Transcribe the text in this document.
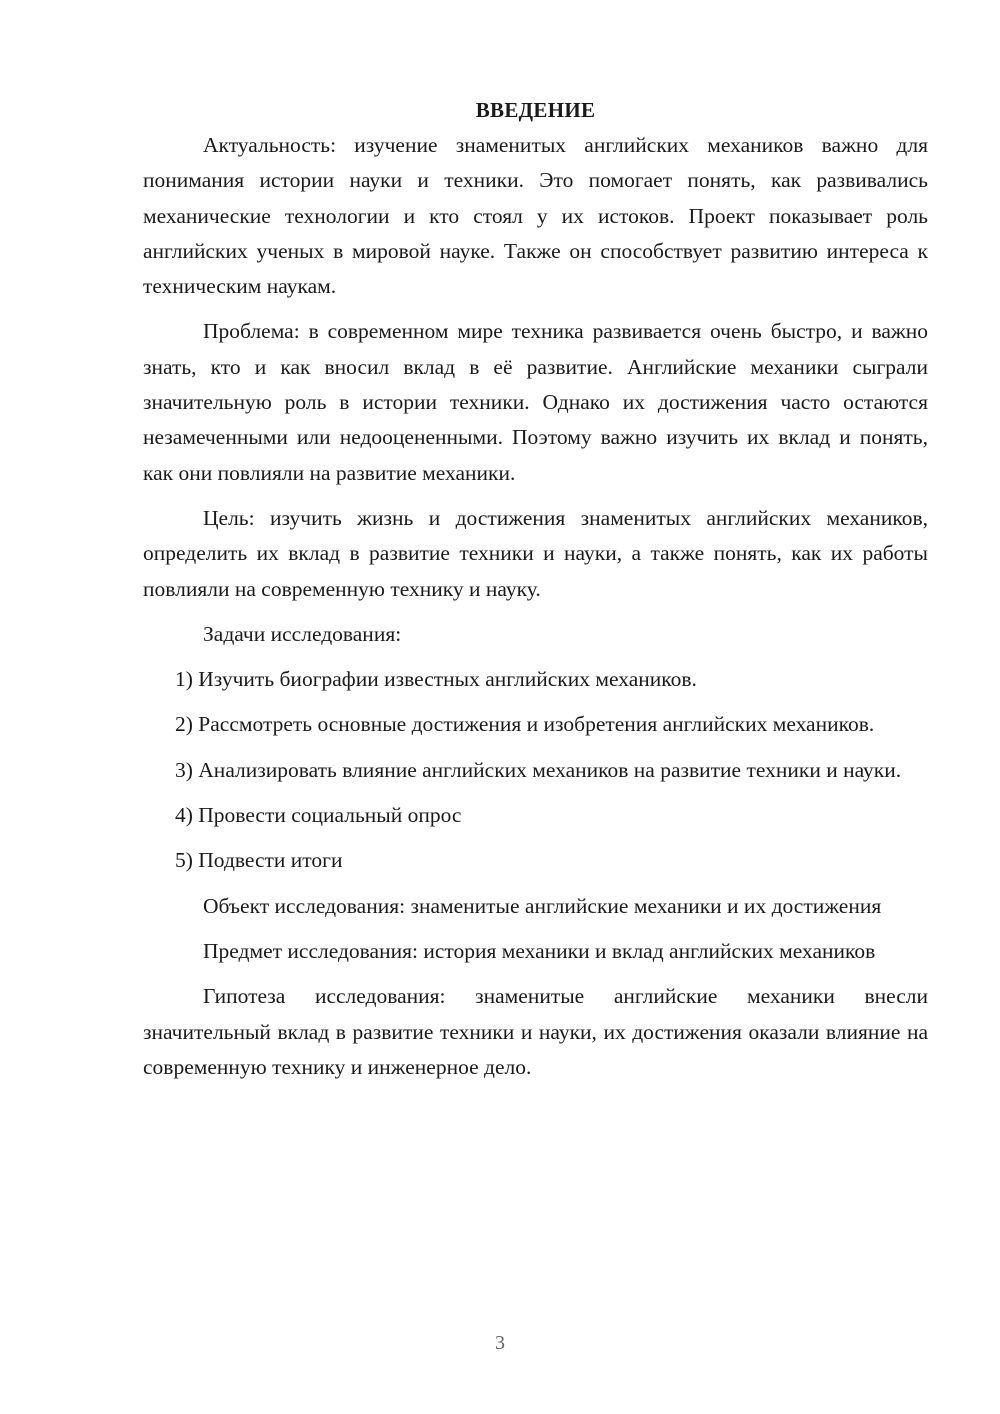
ВВЕДЕНИЕ

Актуальность: изучение знаменитых английских механиков важно для понимания истории науки и техники. Это помогает понять, как развивались механические технологии и кто стоял у их истоков. Проект показывает роль английских ученых в мировой науке. Также он способствует развитию интереса к техническим наукам.

Проблема: в современном мире техника развивается очень быстро, и важно знать, кто и как вносил вклад в её развитие. Английские механики сыграли значительную роль в истории техники. Однако их достижения часто остаются незамеченными или недооцененными. Поэтому важно изучить их вклад и понять, как они повлияли на развитие механики.

Цель: изучить жизнь и достижения знаменитых английских механиков, определить их вклад в развитие техники и науки, а также понять, как их работы повлияли на современную технику и науку.

Задачи исследования:

1) Изучить биографии известных английских механиков.

2) Рассмотреть основные достижения и изобретения английских механиков.

3) Анализировать влияние английских механиков на развитие техники и науки.

4) Провести социальный опрос

5) Подвести итоги

Объект исследования: знаменитые английские механики и их достижения

Предмет исследования: история механики и вклад английских механиков

Гипотеза исследования: знаменитые английские механики внесли значительный вклад в развитие техники и науки, их достижения оказали влияние на современную технику и инженерное дело.

3
